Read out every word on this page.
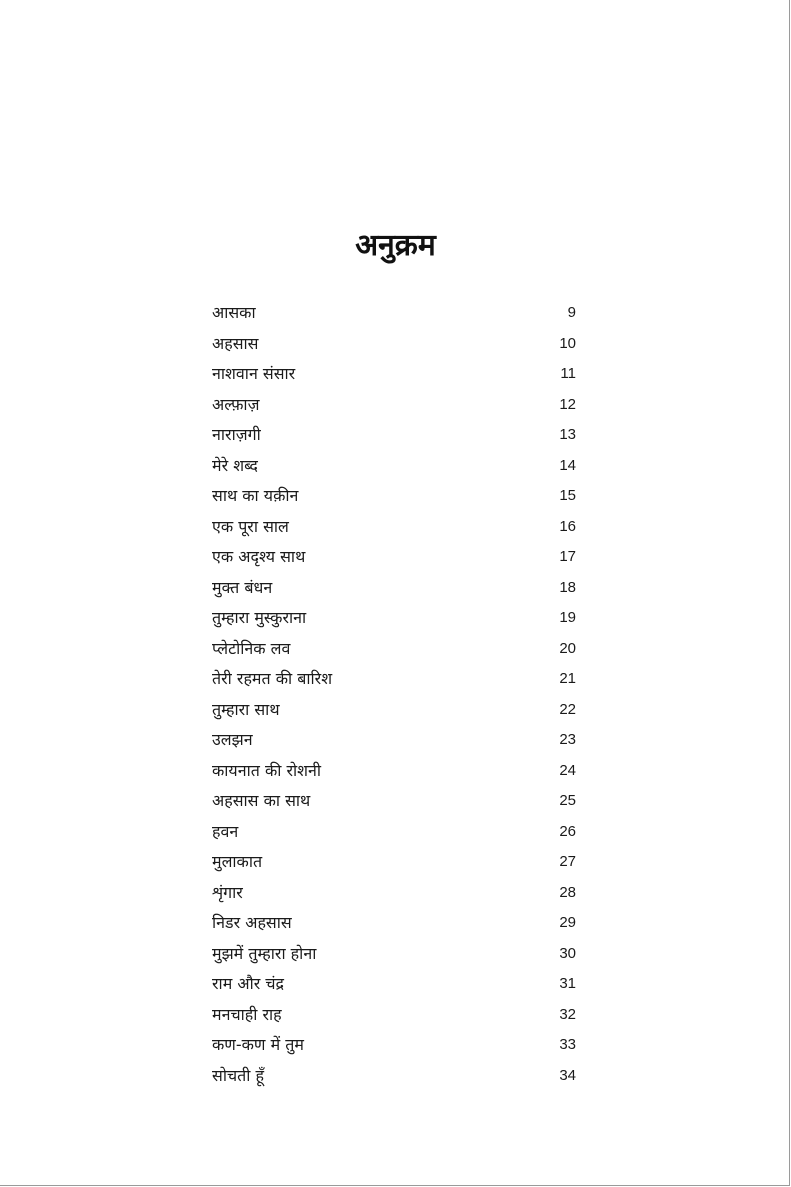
अनुक्रम
आसका	9
अहसास	10
नाशवान संसार	11
अल्फ़ाज़	12
नाराज़गी	13
मेरे शब्द	14
साथ का यक़ीन	15
एक पूरा साल	16
एक अदृश्य साथ	17
मुक्त बंधन	18
तुम्हारा मुस्कुराना	19
प्लेटोनिक लव	20
तेरी रहमत की बारिश	21
तुम्हारा साथ	22
उलझन	23
कायनात की रोशनी	24
अहसास का साथ	25
हवन	26
मुलाकात	27
शृंगार	28
निडर अहसास	29
मुझमें तुम्हारा होना	30
राम और चंद्र	31
मनचाही राह	32
कण-कण में तुम	33
सोचती हूँ	34
